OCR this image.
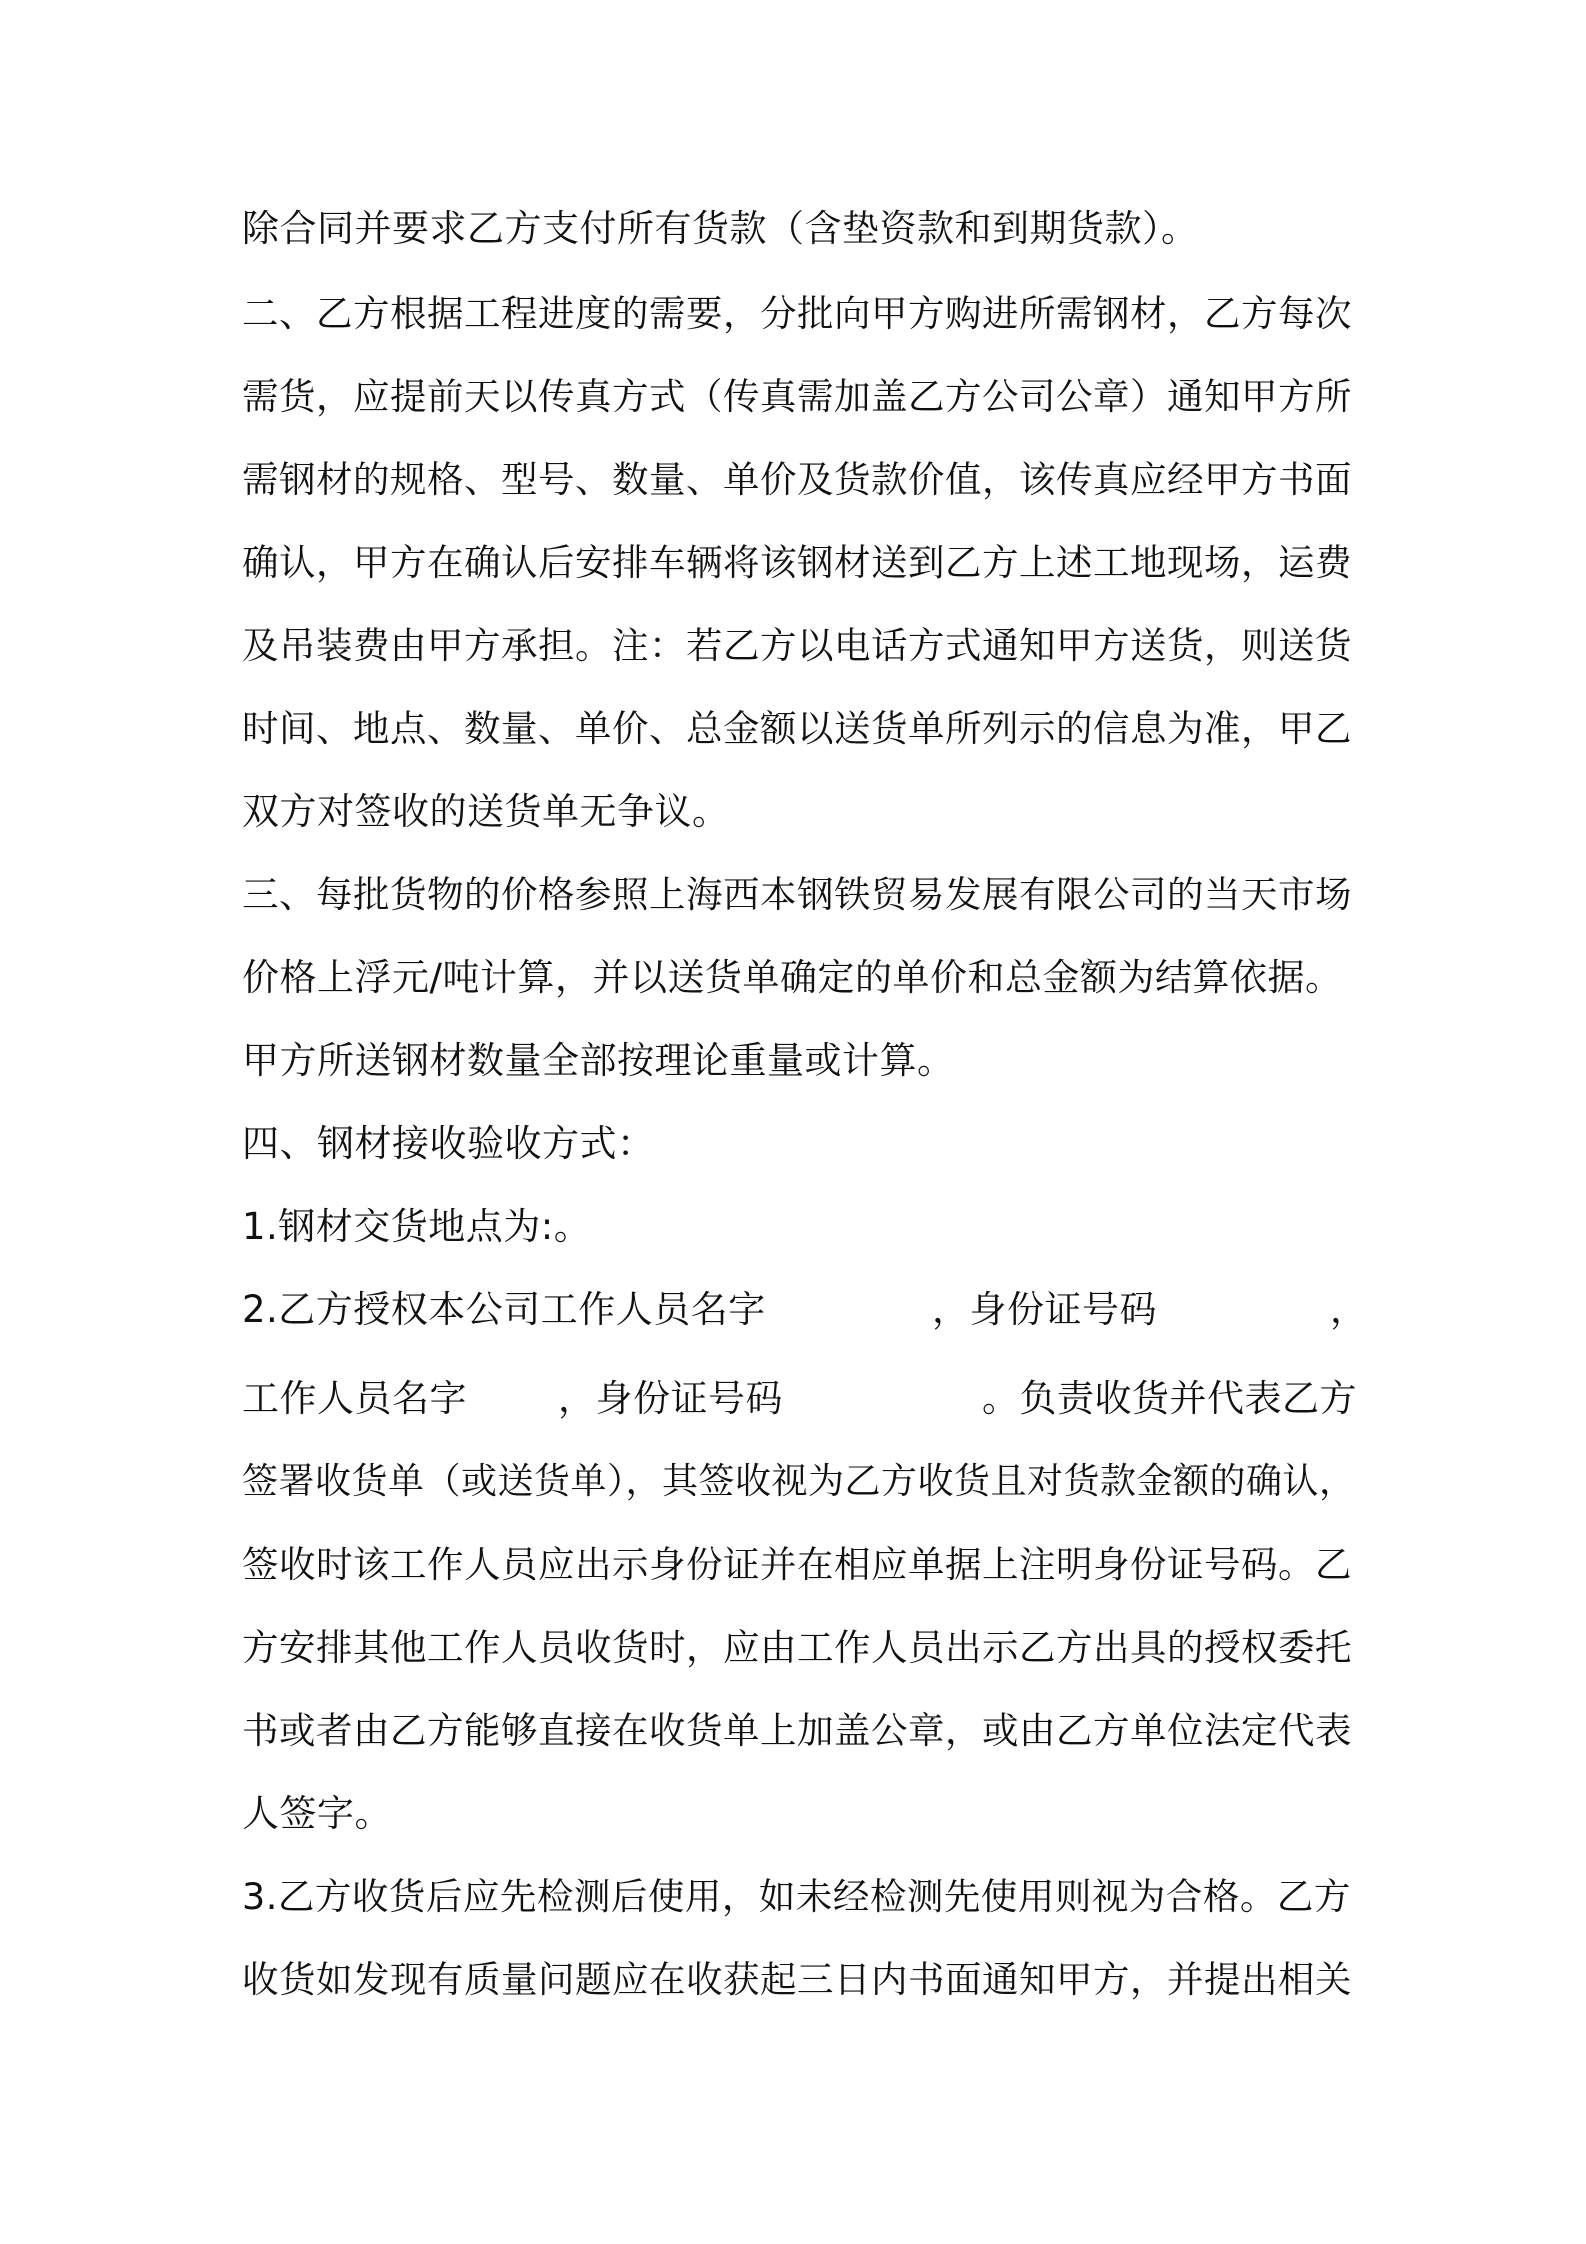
除合同并要求乙方支付所有货款（含垫资款和到期货款）。
二、乙方根据工程进度的需要，分批向甲方购进所需钢材，乙方每次
需货，应提前天以传真方式（传真需加盖乙方公司公章）通知甲方所
需钢材的规格、型号、数量、单价及货款价值，该传真应经甲方书面
确认，甲方在确认后安排车辆将该钢材送到乙方上述工地现场，运费
及吊装费由甲方承担。注：若乙方以电话方式通知甲方送货，则送货
时间、地点、数量、单价、总金额以送货单所列示的信息为准，甲乙
双方对签收的送货单无争议。
三、每批货物的价格参照上海西本钢铁贸易发展有限公司的当天市场
价格上浮元/吨计算，并以送货单确定的单价和总金额为结算依据。
甲方所送钢材数量全部按理论重量或计算。
四、钢材接收验收方式：
1.钢材交货地点为:。
2.乙方授权本公司工作人员名字	，身份证号码	，
工作人员名字 ，身份证号码	。负责收货并代表乙方
签署收货单（或送货单），其签收视为乙方收货且对货款金额的确认，
签收时该工作人员应出示身份证并在相应单据上注明身份证号码。乙
方安排其他工作人员收货时，应由工作人员出示乙方出具的授权委托
书或者由乙方能够直接在收货单上加盖公章，或由乙方单位法定代表
人签字。
3.乙方收货后应先检测后使用，如未经检测先使用则视为合格。乙方
收货如发现有质量问题应在收获起三日内书面通知甲方，并提出相关
